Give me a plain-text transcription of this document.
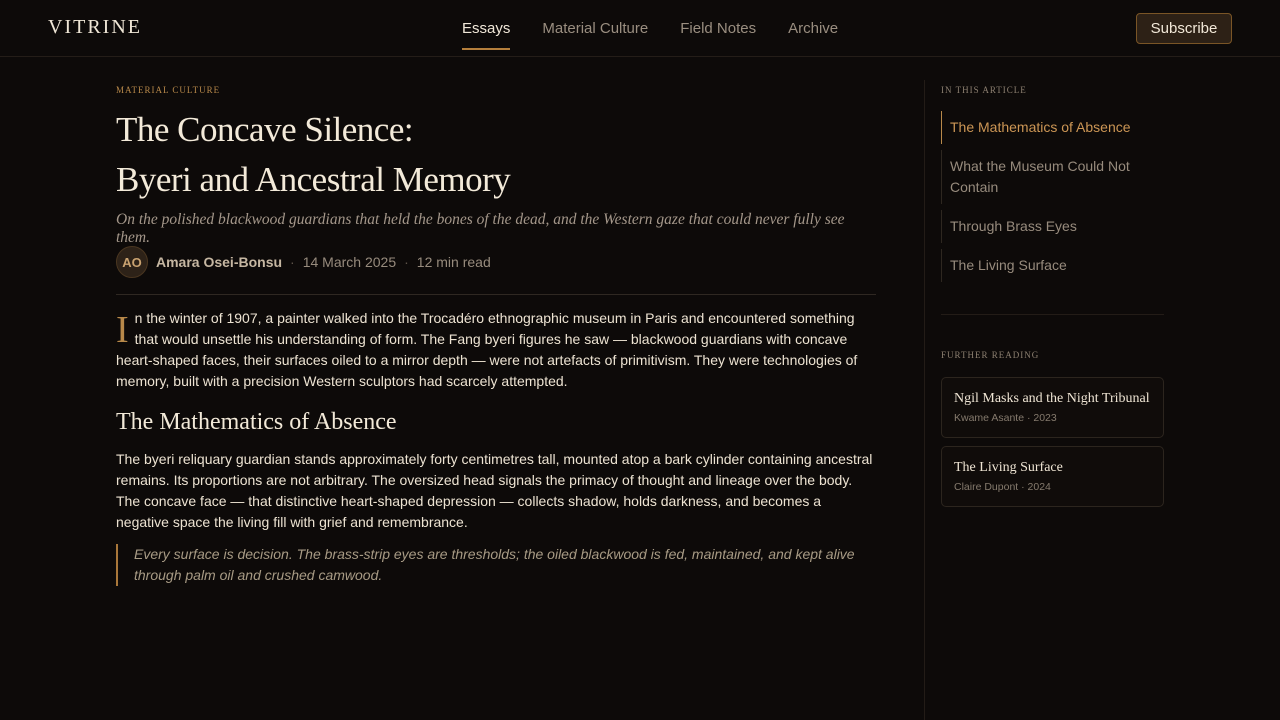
VITRINE	Essays Material Culture Field Notes Archive	Subscribe
MATERIAL CULTURE
The Concave Silence:
Byeri and Ancestral Memory
On the polished blackwood guardians that held the bones of the dead, and the Western gaze that could never fully see them.
AO	Amara Osei-Bonsu · 14 March 2025 · 12 min read
In the winter of 1907, a painter walked into the Trocadéro ethnographic museum in Paris and encountered something that would unsettle his understanding of form. The Fang byeri figures he saw — blackwood guardians with concave heart-shaped faces, their surfaces oiled to a mirror depth — were not artefacts of primitivism. They were technologies of memory, built with a precision Western sculptors had scarcely attempted.
The Mathematics of Absence
The byeri reliquary guardian stands approximately forty centimetres tall, mounted atop a bark cylinder containing ancestral remains. Its proportions are not arbitrary. The oversized head signals the primacy of thought and lineage over the body. The concave face — that distinctive heart-shaped depression — collects shadow, holds darkness, and becomes a negative space the living fill with grief and remembrance.
Every surface is decision. The brass-strip eyes are thresholds; the oiled blackwood is fed, maintained, and kept alive through palm oil and crushed camwood.
IN THIS ARTICLE
The Mathematics of Absence
What the Museum Could Not Contain
Through Brass Eyes
The Living Surface
FURTHER READING
Ngil Masks and the Night Tribunal
Kwame Asante · 2023
The Living Surface
Claire Dupont · 2024
